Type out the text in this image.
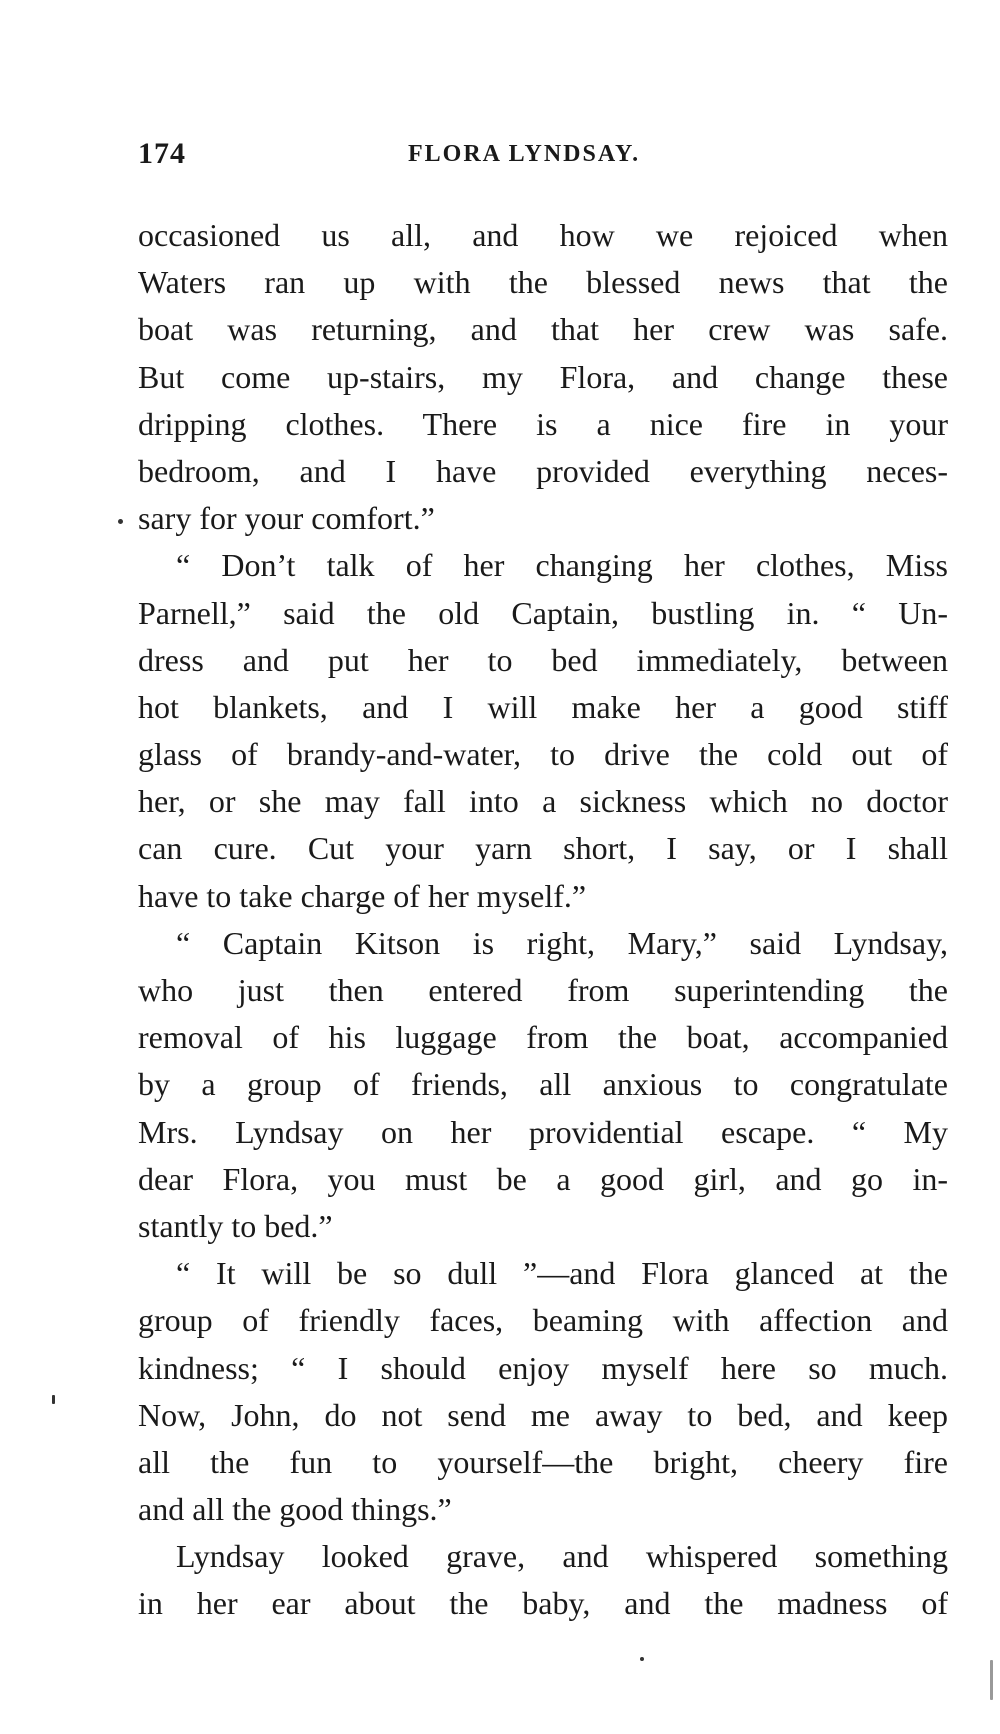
174	FLORA LYNDSAY.
occasioned us all, and how we rejoiced when
Waters ran up with the blessed news that the
boat was returning, and that her crew was safe.
But come up-stairs, my Flora, and change these
dripping clothes. There is a nice fire in your
bedroom, and I have provided everything neces-
sary for your comfort.”
“ Don’t talk of her changing her clothes, Miss
Parnell,” said the old Captain, bustling in. “ Un-
dress and put her to bed immediately, between
hot blankets, and I will make her a good stiff
glass of brandy-and-water, to drive the cold out of
her, or she may fall into a sickness which no doctor
can cure. Cut your yarn short, I say, or I shall
have to take charge of her myself.”
“ Captain Kitson is right, Mary,” said Lyndsay,
who just then entered from superintending the
removal of his luggage from the boat, accompanied
by a group of friends, all anxious to congratulate
Mrs. Lyndsay on her providential escape. “ My
dear Flora, you must be a good girl, and go in-
stantly to bed.”
“ It will be so dull ”—and Flora glanced at the
group of friendly faces, beaming with affection and
kindness; “ I should enjoy myself here so much.
Now, John, do not send me away to bed, and keep
all the fun to yourself—the bright, cheery fire
and all the good things.”
Lyndsay looked grave, and whispered something
in her ear about the baby, and the madness of
